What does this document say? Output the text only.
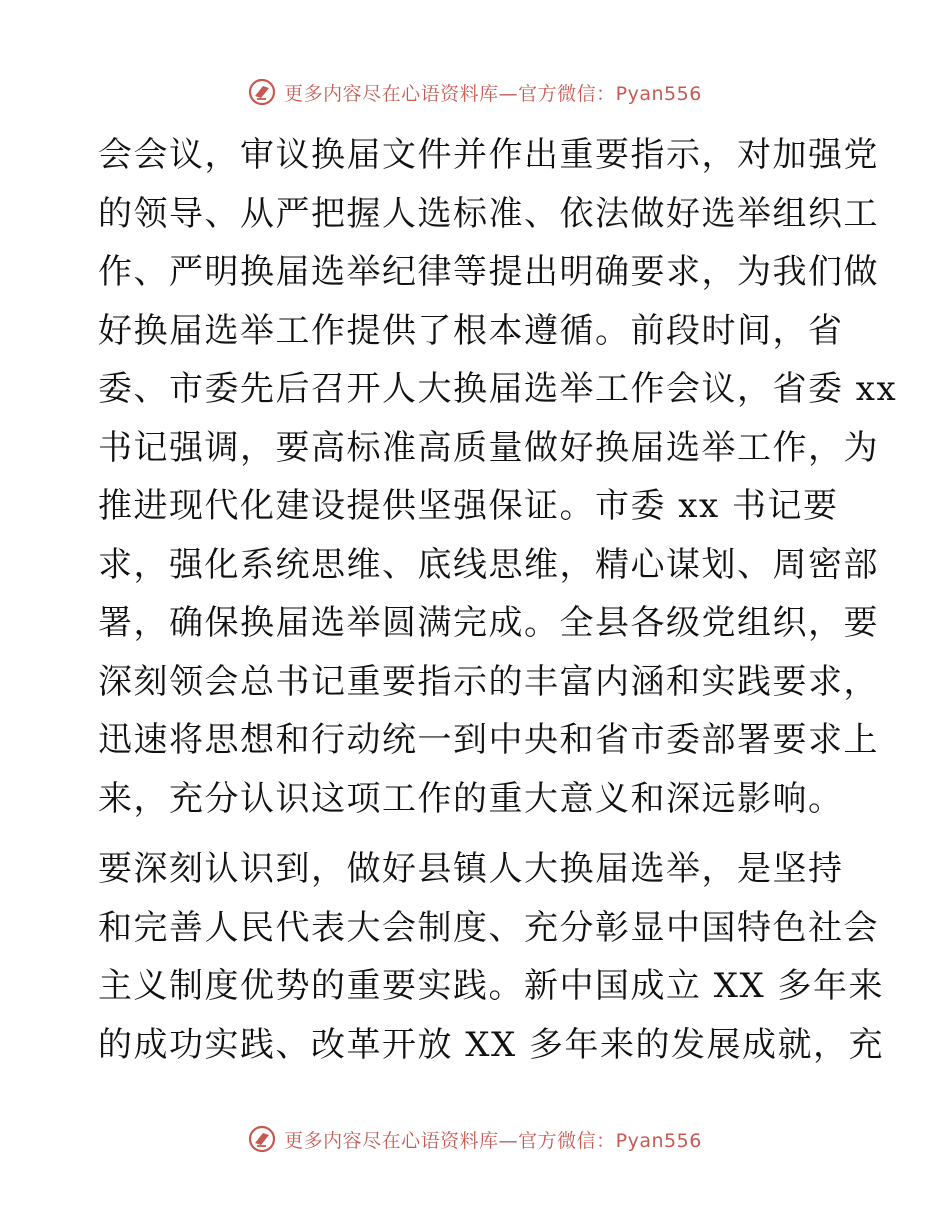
更多内容尽在心语资料库—官方微信：Pyan556
会会议，审议换届文件并作出重要指示，对加强党
的领导、从严把握人选标准、依法做好选举组织工
作、严明换届选举纪律等提出明确要求，为我们做
好换届选举工作提供了根本遵循。前段时间，省
委、市委先后召开人大换届选举工作会议，省委 xx
书记强调，要高标准高质量做好换届选举工作，为
推进现代化建设提供坚强保证。市委 xx 书记要
求，强化系统思维、底线思维，精心谋划、周密部
署，确保换届选举圆满完成。全县各级党组织，要
深刻领会总书记重要指示的丰富内涵和实践要求，
迅速将思想和行动统一到中央和省市委部署要求上
来，充分认识这项工作的重大意义和深远影响。
要深刻认识到，做好县镇人大换届选举，是坚持
和完善人民代表大会制度、充分彰显中国特色社会
主义制度优势的重要实践。新中国成立 XX 多年来
的成功实践、改革开放 XX 多年来的发展成就，充
更多内容尽在心语资料库—官方微信：Pyan556
